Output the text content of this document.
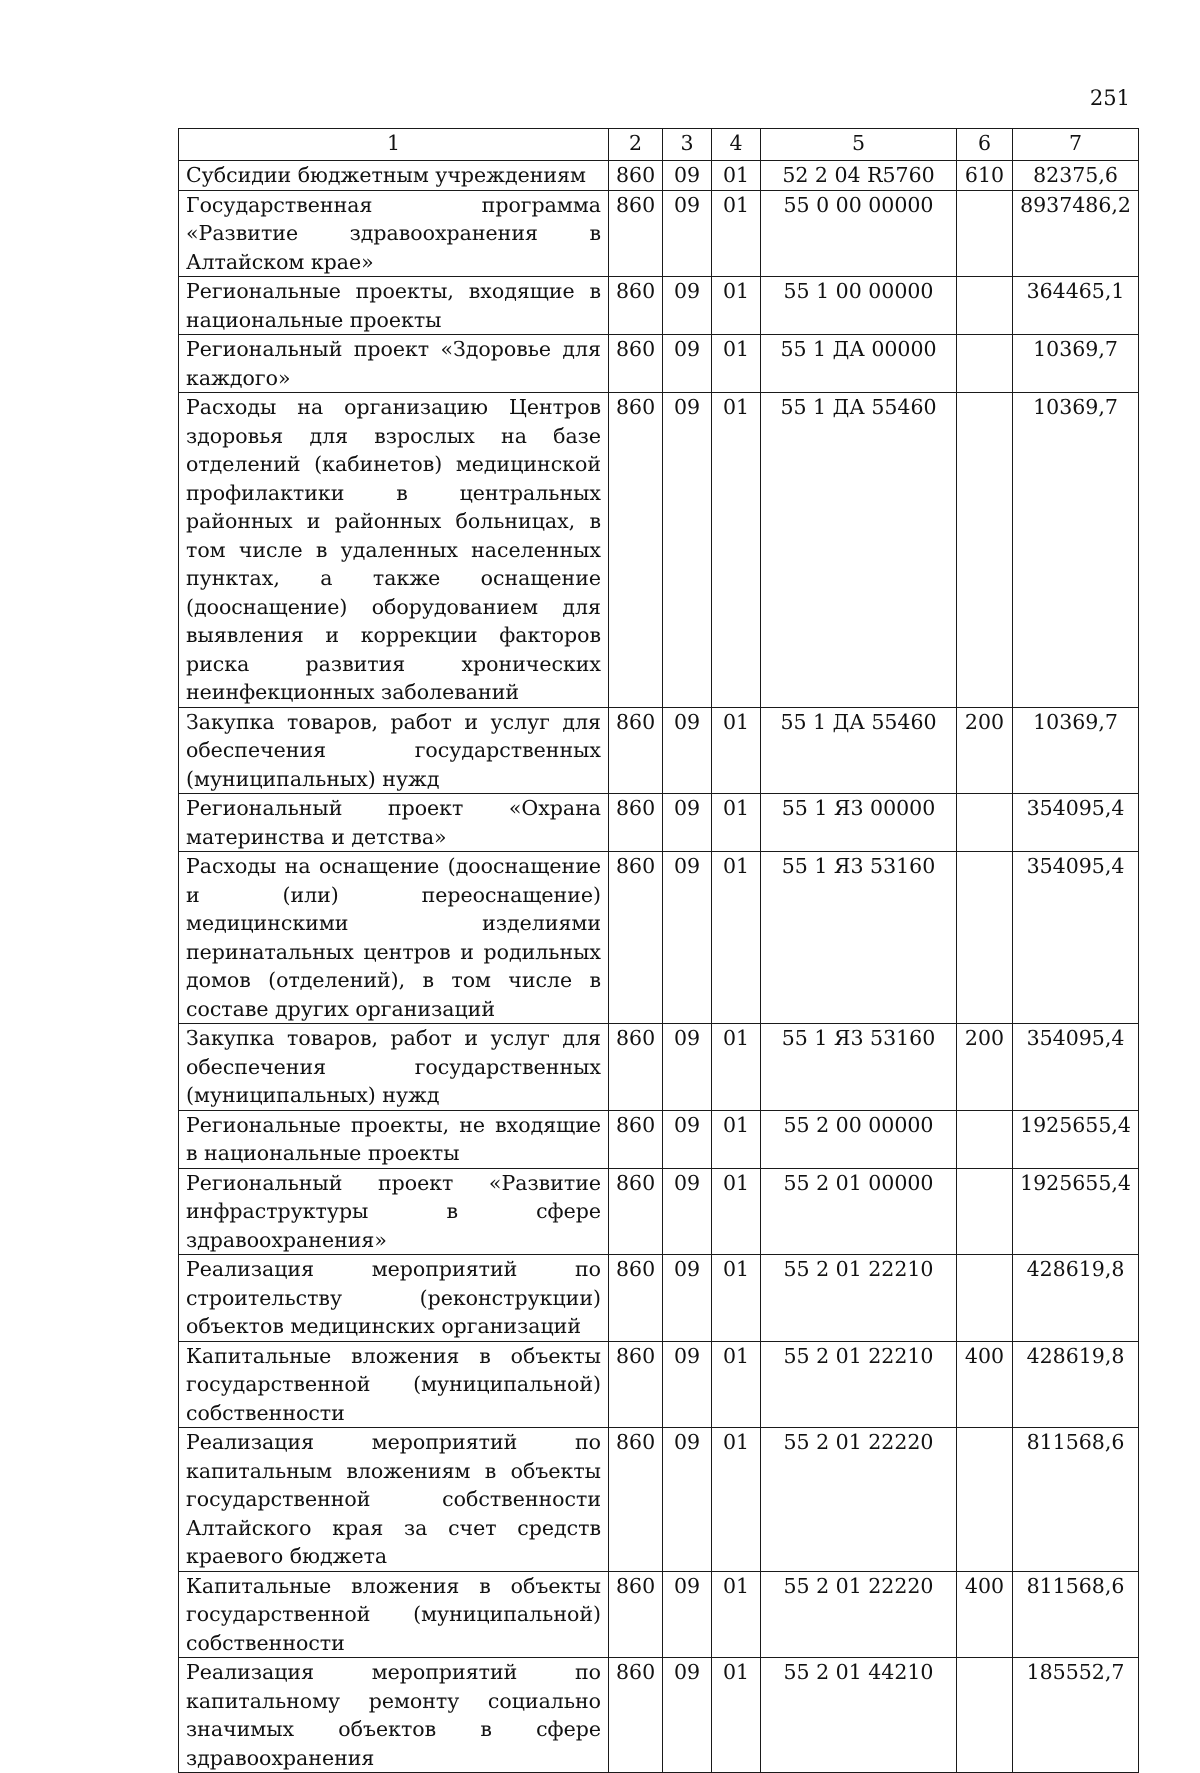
251
1	2	3	4	5	6	7
Субсидии бюджетным учреждениям	860	09	01	52 2 04 R5760	610	82375,6
Государственная программа «Развитие здравоохранения в Алтайском крае»	860	09	01	55 0 00 00000		8937486,2
Региональные проекты, входящие в национальные проекты	860	09	01	55 1 00 00000		364465,1
Региональный проект «Здоровье для каждого»	860	09	01	55 1 ДА 00000		10369,7
Расходы на организацию Центров здоровья для взрослых на базе отделений (кабинетов) медицинской профилактики в центральных районных и районных больницах, в том числе в удаленных населенных пунктах, а также оснащение (дооснащение) оборудованием для выявления и коррекции факторов риска развития хронических неинфекционных заболеваний	860	09	01	55 1 ДА 55460		10369,7
Закупка товаров, работ и услуг для обеспечения государственных (муниципальных) нужд	860	09	01	55 1 ДА 55460	200	10369,7
Региональный проект «Охрана материнства и детства»	860	09	01	55 1 Я3 00000		354095,4
Расходы на оснащение (дооснащение и (или) переоснащение) медицинскими изделиями перинатальных центров и родильных домов (отделений), в том числе в составе других организаций	860	09	01	55 1 Я3 53160		354095,4
Закупка товаров, работ и услуг для обеспечения государственных (муниципальных) нужд	860	09	01	55 1 Я3 53160	200	354095,4
Региональные проекты, не входящие в национальные проекты	860	09	01	55 2 00 00000		1925655,4
Региональный проект «Развитие инфраструктуры в сфере здравоохранения»	860	09	01	55 2 01 00000		1925655,4
Реализация мероприятий по строительству (реконструкции) объектов медицинских организаций	860	09	01	55 2 01 22210		428619,8
Капитальные вложения в объекты государственной (муниципальной) собственности	860	09	01	55 2 01 22210	400	428619,8
Реализация мероприятий по капитальным вложениям в объекты государственной собственности Алтайского края за счет средств краевого бюджета	860	09	01	55 2 01 22220		811568,6
Капитальные вложения в объекты государственной (муниципальной) собственности	860	09	01	55 2 01 22220	400	811568,6
Реализация мероприятий по капитальному ремонту социально значимых объектов в сфере здравоохранения	860	09	01	55 2 01 44210		185552,7
